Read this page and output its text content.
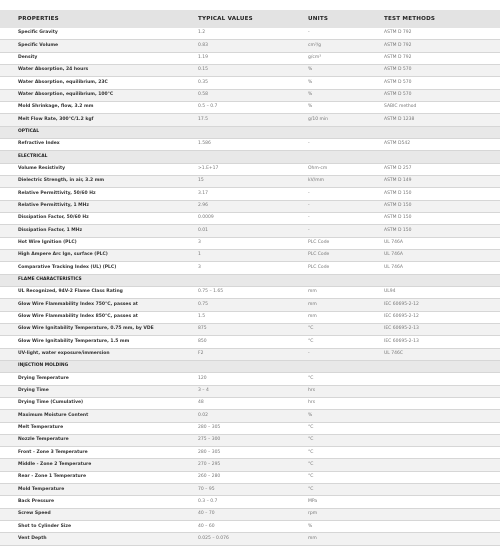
PROPERTIES	TYPICAL VALUES	UNITS	TEST METHODS
Specific Gravity	1.2	-	ASTM D 792
Specific Volume	0.83	cm³/g	ASTM D 792
Density	1.19	g/cm³	ASTM D 792
Water Absorption, 24 hours	0.15	%	ASTM D 570
Water Absorption, equilibrium, 23C	0.35	%	ASTM D 570
Water Absorption, equilibrium, 100°C	0.58	%	ASTM D 570
Mold Shrinkage, flow, 3.2 mm	0.5 – 0.7	%	SABIC method
Melt Flow Rate, 300°C/1.2 kgf	17.5	g/10 min	ASTM D 1238
OPTICAL			
Refractive Index	1.586	-	ASTM D542
ELECTRICAL			
Volume Resistivity	>1.E+17	Ohm-cm	ASTM D 257
Dielectric Strength, in air, 3.2 mm	15	kV/mm	ASTM D 149
Relative Permittivity, 50/60 Hz	3.17	-	ASTM D 150
Relative Permittivity, 1 MHz	2.96	-	ASTM D 150
Dissipation Factor, 50/60 Hz	0.0009	-	ASTM D 150
Dissipation Factor, 1 MHz	0.01	-	ASTM D 150
Hot Wire Ignition (PLC)	3	PLC Code	UL 746A
High Ampere Arc Ign, surface (PLC)	1	PLC Code	UL 746A
Comparative Tracking Index (UL) (PLC)	3	PLC Code	UL 746A
FLAME CHARACTERISTICS			
UL Recognized, 94V-2 Flame Class Rating	0.75 – 1.65	mm	UL94
Glow Wire Flammability Index 750°C, passes at	0.75	mm	IEC 60695-2-12
Glow Wire Flammability Index 850°C, passes at	1.5	mm	IEC 60695-2-12
Glow Wire Ignitability Temperature, 0.75 mm, by VDE	875	°C	IEC 60695-2-13
Glow Wire Ignitability Temperature, 1.5 mm	850	°C	IEC 60695-2-13
UV-light, water exposure/immersion	F2	-	UL 746C
INJECTION MOLDING			
Drying Temperature	120	°C	
Drying Time	3 – 4	hrs	
Drying Time (Cumulative)	48	hrs	
Maximum Moisture Content	0.02	%	
Melt Temperature	280 – 305	°C	
Nozzle Temperature	275 – 300	°C	
Front - Zone 3 Temperature	280 – 305	°C	
Middle - Zone 2 Temperature	270 – 295	°C	
Rear - Zone 1 Temperature	260 – 280	°C	
Mold Temperature	70 – 95	°C	
Back Pressure	0.3 – 0.7	MPa	
Screw Speed	40 – 70	rpm	
Shot to Cylinder Size	40 – 60	%	
Vent Depth	0.025 – 0.076	mm	
